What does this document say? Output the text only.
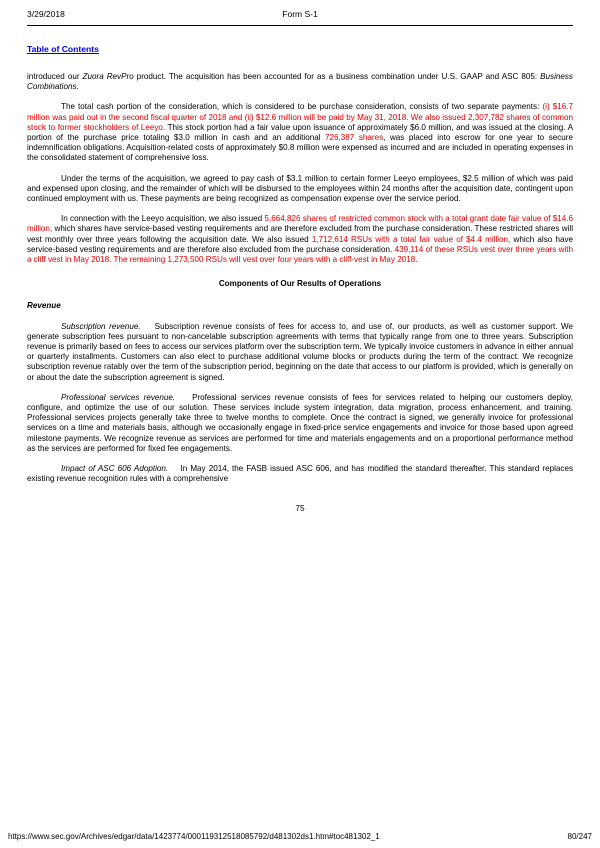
3/29/2018	Form S-1
Table of Contents

introduced our Zuora RevPro product. The acquisition has been accounted for as a business combination under U.S. GAAP and ASC 805: Business Combinations.

The total cash portion of the consideration, which is considered to be purchase consideration, consists of two separate payments: (i) $16.7 million was paid out in the second fiscal quarter of 2018 and (ii) $12.6 million will be paid by May 31, 2018. We also issued 2,307,782 shares of common stock to former stockholders of Leeyo. This stock portion had a fair value upon issuance of approximately $6.0 million, and was issued at the closing. A portion of the purchase price totaling $3.0 million in cash and an additional 726,387 shares, was placed into escrow for one year to secure indemnification obligations. Acquisition-related costs of approximately $0.8 million were expensed as incurred and are included in operating expenses in the consolidated statement of comprehensive loss.

Under the terms of the acquisition, we agreed to pay cash of $3.1 million to certain former Leeyo employees, $2.5 million of which was paid and expensed upon closing, and the remainder of which will be disbursed to the employees within 24 months after the acquisition date, contingent upon continued employment with us. These payments are being recognized as compensation expense over the service period.

In connection with the Leeyo acquisition, we also issued 5,664,826 shares of restricted common stock with a total grant date fair value of $14.6 million, which shares have service-based vesting requirements and are therefore excluded from the purchase consideration. These restricted shares will vest monthly over three years following the acquisition date. We also issued 1,712,614 RSUs with a total fair value of $4.4 million, which also have service-based vesting requirements and are therefore also excluded from the purchase consideration. 439,114 of these RSUs vest over three years with a cliff vest in May 2018. The remaining 1,273,500 RSUs will vest over four years with a cliff-vest in May 2018.

Components of Our Results of Operations

Revenue

Subscription revenue.    Subscription revenue consists of fees for access to, and use of, our products, as well as customer support. We generate subscription fees pursuant to non-cancelable subscription agreements with terms that typically range from one to three years. Subscription revenue is primarily based on fees to access our services platform over the subscription term. We typically invoice customers in advance in either annual or quarterly installments. Customers can also elect to purchase additional volume blocks or products during the term of the contract. We recognize subscription revenue ratably over the term of the subscription period, beginning on the date that access to our platform is provided, which is generally on or about the date the subscription agreement is signed.

Professional services revenue.    Professional services revenue consists of fees for services related to helping our customers deploy, configure, and optimize the use of our solution. These services include system integration, data migration, process enhancement, and training. Professional services projects generally take three to twelve months to complete. Once the contract is signed, we generally invoice for professional services on a time and materials basis, although we occasionally engage in fixed-price service engagements and invoice for those based upon agreed milestone payments. We recognize revenue as services are performed for time and materials engagements and on a proportional performance method as the services are performed for fixed fee engagements.

Impact of ASC 606 Adoption.    In May 2014, the FASB issued ASC 606, and has modified the standard thereafter. This standard replaces existing revenue recognition rules with a comprehensive

75
https://www.sec.gov/Archives/edgar/data/1423774/000119312518085792/d481302ds1.htm#toc481302_1	80/247
